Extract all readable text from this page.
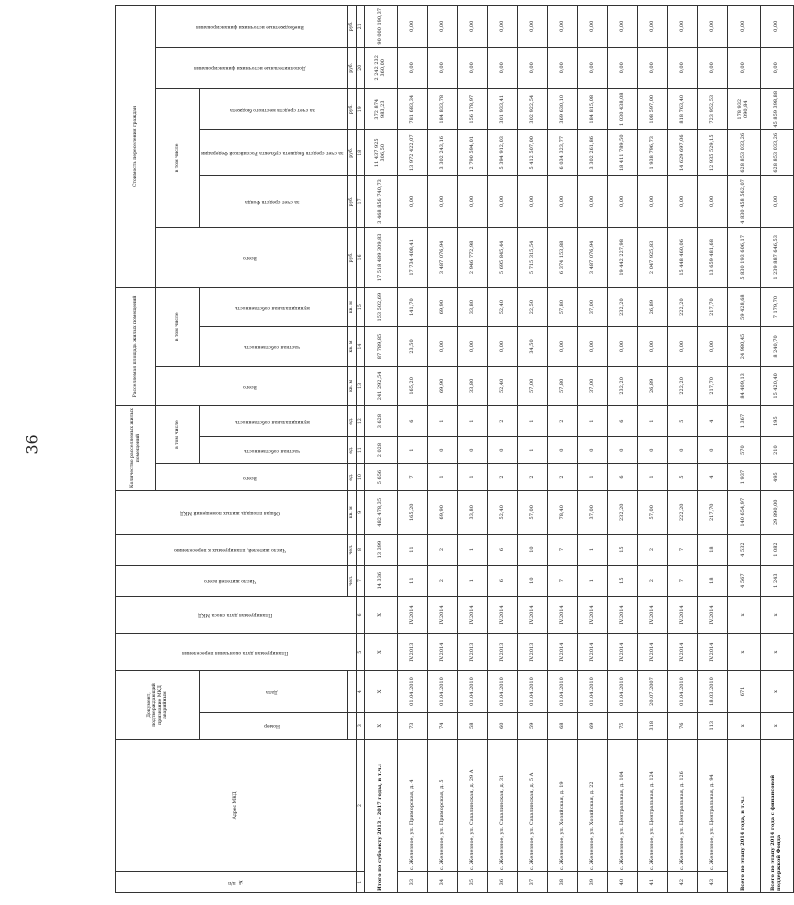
36
№ п/п	Адрес МКД	Документ, подтверждающий признание МКД аварийным		Планируемая дата окончания переселения	Планируемая дата сноса МКД	Число жителей всего	Число жителей, планируемых к переселению	Общая площадь жилых помещений МКД	Количество расселяемых жилых помещений			Расселяемая площадь жилых помещений			Стоимость переселения граждан					
									Всего	в том числе		Всего	в том числе		Всего	в том числе			Дополнительные источники финансирования	Внебюджетные источники финансирования
		Номер	Дата							частная собственность	муниципальная собственность		частная собственность	муниципальная собственность		за счет средств Фонда	за счет средств бюджета субъекта Российской Федерации	за счет средств местного бюджета		
						чел.	чел.	кв. м	ед.	ед.	ед.	кв. м	кв. м	кв. м	руб.	руб.	руб.	руб.	руб.	руб.
1	2	3	4	5	6	7	8	9	10	11	12	13	14	15	16	17	18	19	20	21
Итого по субъекту 2013 - 2017 годы, в т.ч.:		X	X	X	X	14 336	13 399	482 478,35	5 656	2 028	3 628	241 292,54	87 789,85	153 502,69	17 518 489 309,83	3 468 856 740,73	11 437 925 306,50	372 874 983,23	2 242 232 360,00	90 000 190,37
33	с. Железное, ул. Приморская, д. 4	73	01.04.2010	IV.2013	IV.2014	11	11	165,20	7	1	6	165,20	23,50	141,70	17 734 408,41	0,00	13 972 422,07	781 683,34	0,00	0,00
34	с. Железное, ул. Приморская, д. 5	74	01.04.2010	IV.2014	IV.2014	2	2	69,90	1	0	1	69,90	0,00	69,90	3 487 076,94	0,00	3 302 243,16	184 833,78	0,00	0,00
35	с. Железное, ул. Сахалинская, д. 29 А	58	01.04.2010	IV.2013	IV.2014	1	1	33,80	1	0	1	33,80	0,00	33,80	2 946 772,98	0,00	2 790 594,01	156 178,97	0,00	0,00
36	с. Железное, ул. Сахалинская, д. 31	60	01.04.2010	IV.2013	IV.2014	6	6	52,40	2	0	2	52,40	0,00	52,40	5 695 845,44	0,00	5 394 912,03	301 933,41	0,00	0,00
37	с. Железное, ул. Сахалинская, д. 5 А	59	01.04.2010	IV.2013	IV.2014	10	10	57,00	2	1	1	57,00	34,50	22,50	5 715 315,54	0,00	5 412 507,00	302 922,54	0,00	0,00
38	с. Железное, ул. Хозяйская, д. 19	68	01.04.2010	IV.2014	IV.2014	7	7	78,40	2	0	2	57,80	0,00	57,80	6 374 153,88	0,00	6 034 323,77	369 630,10	0,00	0,00
39	с. Железное, ул. Хозяйская, д. 22	69	01.04.2010	IV.2014	IV.2014	1	1	37,00	1	0	1	37,00	0,00	37,00	3 487 076,94	0,00	3 302 261,86	184 815,08	0,00	0,00
40	с. Железное, ул. Центральная, д. 104	75	01.04.2010	IV.2014	IV.2014	15	15	232,20	6	0	6	232,20	0,00	232,20	19 442 227,98	0,00	18 411 789,50	1 030 438,08	0,00	0,00
41	с. Железное, ул. Центральная, д. 124	318	20.07.2007	IV.2014	IV.2014	2	2	57,00	1	0	1	26,89	0,00	26,89	2 047 925,83	0,00	1 938 796,73	108 597,00	0,00	0,00
42	с. Железное, ул. Центральная, д. 126	76	01.04.2010	IV.2014	IV.2014	7	7	222,20	5	0	5	222,20	0,00	222,20	15 448 460,06	0,00	14 629 697,06	818 763,40	0,00	0,00
43	с. Железное, ул. Центральная, д. 94	113	18.03.2010	IV.2014	IV.2014	18	18	217,70	4	0	4	217,70	0,00	217,70	13 659 481,68	0,00	12 935 529,15	723 952,53	0,00	0,00
Всего по этапу 2014 года, в т.ч.:		x	671	x	x	4 567	4 532	140 654,97	1 937	570	1 367	84 409,13	24 980,45	59 428,68	5 830 193 606,17	4 830 458 562,07	628 853 033,26	178 932 090,84	0,00	0,00
Всего по этапу 2014 года с финансовой поддержкой Фонда		x	x	x	x	1 243	1 082	29 890,00	495	210	195	15 420,40	8 240,70	7 179,70	1 239 887 646,53	0,00	628 853 033,26	45 859 398,88	0,00	0,00
